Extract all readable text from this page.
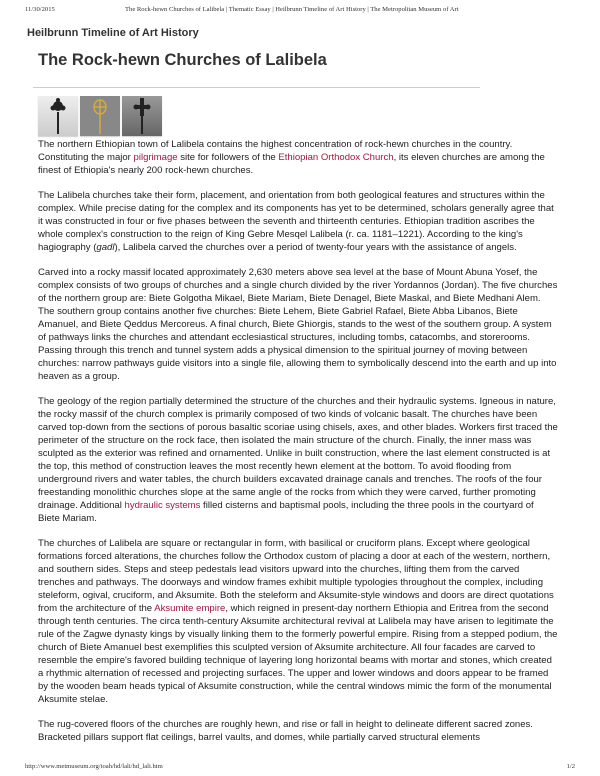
11/30/2015	The Rock-hewn Churches of Lalibela | Thematic Essay | Heilbrunn Timeline of Art History | The Metropolitan Museum of Art
Heilbrunn Timeline of Art History
The Rock-hewn Churches of Lalibela

The northern Ethiopian town of Lalibela contains the highest concentration of rock-hewn churches in the country. Constituting the major pilgrimage site for followers of the Ethiopian Orthodox Church, its eleven churches are among the finest of Ethiopia's nearly 200 rock-hewn churches.

The Lalibela churches take their form, placement, and orientation from both geological features and structures within the complex. While precise dating for the complex and its components has yet to be determined, scholars generally agree that it was constructed in four or five phases between the seventh and thirteenth centuries. Ethiopian tradition ascribes the whole complex's construction to the reign of King Gebre Mesqel Lalibela (r. ca. 1181–1221). According to the king's hagiography (gadl), Lalibela carved the churches over a period of twenty-four years with the assistance of angels.

Carved into a rocky massif located approximately 2,630 meters above sea level at the base of Mount Abuna Yosef, the complex consists of two groups of churches and a single church divided by the river Yordannos (Jordan). The five churches of the northern group are: Biete Golgotha Mikael, Biete Mariam, Biete Denagel, Biete Maskal, and Biete Medhani Alem. The southern group contains another five churches: Biete Lehem, Biete Gabriel Rafael, Biete Abba Libanos, Biete Amanuel, and Biete Qeddus Mercoreus. A final church, Biete Ghiorgis, stands to the west of the southern group. A system of pathways links the churches and attendant ecclesiastical structures, including tombs, catacombs, and storerooms. Passing through this trench and tunnel system adds a physical dimension to the spiritual journey of moving between churches: narrow pathways guide visitors into a single file, allowing them to symbolically descend into the earth and up into heaven as a group.

The geology of the region partially determined the structure of the churches and their hydraulic systems. Igneous in nature, the rocky massif of the church complex is primarily composed of two kinds of volcanic basalt. The churches have been carved top-down from the sections of porous basaltic scoriae using chisels, axes, and other blades. Workers first traced the perimeter of the structure on the rock face, then isolated the main structure of the church. Finally, the inner mass was sculpted as the exterior was refined and ornamented. Unlike in built construction, where the last element constructed is at the top, this method of construction leaves the most recently hewn element at the bottom. To avoid flooding from underground rivers and water tables, the church builders excavated drainage canals and trenches. The roofs of the four freestanding monolithic churches slope at the same angle of the rocks from which they were carved, further promoting drainage. Additional hydraulic systems filled cisterns and baptismal pools, including the three pools in the courtyard of Biete Mariam.

The churches of Lalibela are square or rectangular in form, with basilical or cruciform plans. Except where geological formations forced alterations, the churches follow the Orthodox custom of placing a door at each of the western, northern, and southern sides. Steps and steep pedestals lead visitors upward into the churches, lifting them from the carved trenches and pathways. The doorways and window frames exhibit multiple typologies throughout the complex, including steleform, ogival, cruciform, and Aksumite. Both the steleform and Aksumite-style windows and doors are direct quotations from the architecture of the Aksumite empire, which reigned in present-day northern Ethiopia and Eritrea from the second through tenth centuries. The circa tenth-century Aksumite architectural revival at Lalibela may have arisen to legitimate the rule of the Zagwe dynasty kings by visually linking them to the formerly powerful empire. Rising from a stepped podium, the church of Biete Amanuel best exemplifies this sculpted version of Aksumite architecture. All four facades are carved to resemble the empire's favored building technique of layering long horizontal beams with mortar and stones, which created a rhythmic alternation of recessed and projecting surfaces. The upper and lower windows and doors appear to be framed by the wooden beam heads typical of Aksumite construction, while the central windows mimic the form of the monumental Aksumite stelae.

The rug-covered floors of the churches are roughly hewn, and rise or fall in height to delineate different sacred zones. Bracketed pillars support flat ceilings, barrel vaults, and domes, while partially carved structural elements

http://www.metmuseum.org/toah/hd/lali/hd_lali.htm	1/2
